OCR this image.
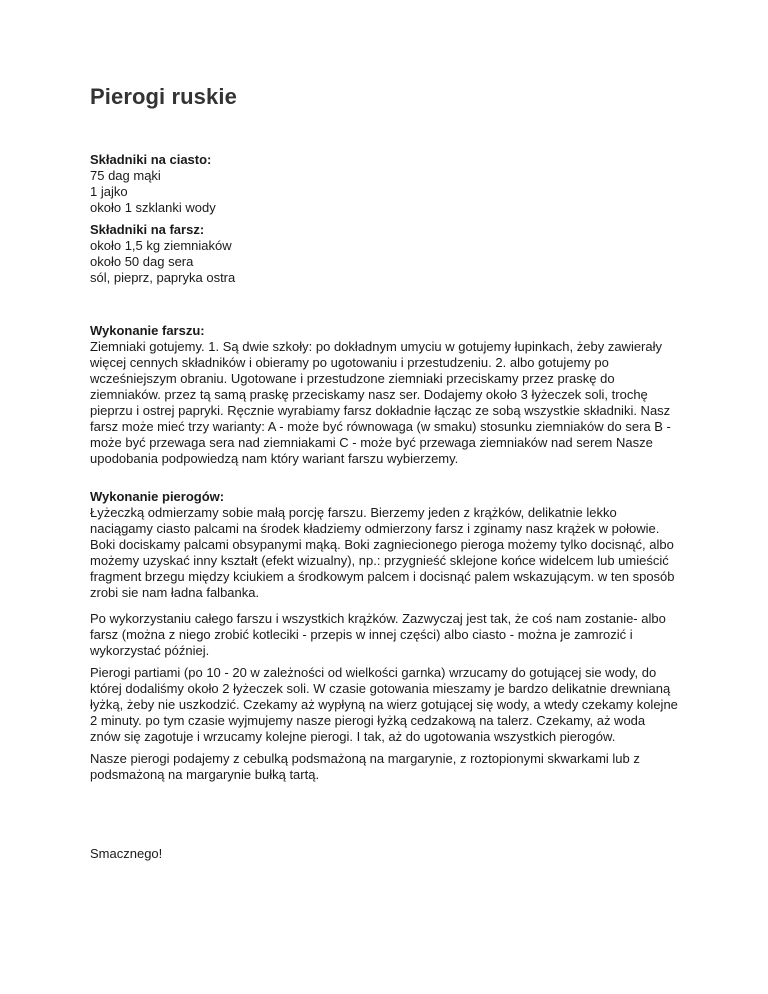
Pierogi ruskie
Składniki na ciasto:
75 dag mąki
1 jajko
około 1 szklanki wody
Składniki na farsz:
około 1,5 kg ziemniaków
około 50 dag sera
sól, pieprz, papryka ostra
Wykonanie farszu:
Ziemniaki gotujemy. 1. Są dwie szkoły: po dokładnym umyciu w gotujemy łupinkach, żeby zawierały
więcej cennych składników i obieramy po ugotowaniu i przestudzeniu. 2. albo gotujemy po
wcześniejszym obraniu. Ugotowane i przestudzone ziemniaki przeciskamy przez praskę do
ziemniaków. przez tą samą praskę przeciskamy nasz ser. Dodajemy około 3 łyżeczek soli, trochę
pieprzu i ostrej papryki. Ręcznie wyrabiamy farsz dokładnie łącząc ze sobą wszystkie składniki. Nasz
farsz może mieć trzy warianty: A - może być równowaga (w smaku) stosunku ziemniaków do sera B -
może być przewaga sera nad ziemniakami C - może być przewaga ziemniaków nad serem Nasze
upodobania podpowiedzą nam który wariant farszu wybierzemy.
Wykonanie pierogów:
Łyżeczką odmierzamy sobie małą porcję farszu. Bierzemy jeden z krążków, delikatnie lekko
naciągamy ciasto palcami na środek kładziemy odmierzony farsz i zginamy nasz krążek w połowie.
Boki dociskamy palcami obsypanymi mąką. Boki zagniecionego pieroga możemy tylko docisnąć, albo
możemy uzyskać inny kształt (efekt wizualny), np.: przygnieść sklejone końce widelcem lub umieścić
fragment brzegu między kciukiem a środkowym palcem i docisnąć palem wskazującym. w ten sposób
zrobi sie nam ładna falbanka.
Po wykorzystaniu całego farszu i wszystkich krążków. Zazwyczaj jest tak, że coś nam zostanie- albo
farsz (można z niego zrobić kotleciki - przepis w innej części) albo ciasto - można je zamrozić i
wykorzystać później.
Pierogi partiami (po 10 - 20 w zależności od wielkości garnka) wrzucamy do gotującej sie wody, do
której dodaliśmy około 2 łyżeczek soli. W czasie gotowania mieszamy je bardzo delikatnie drewnianą
łyżką, żeby nie uszkodzić. Czekamy aż wypłyną na wierz gotującej się wody, a wtedy czekamy kolejne
2 minuty. po tym czasie wyjmujemy nasze pierogi łyżką cedzakową na talerz. Czekamy, aż woda
znów się zagotuje i wrzucamy kolejne pierogi. I tak, aż do ugotowania wszystkich pierogów.
Nasze pierogi podajemy z cebulką podsmażoną na margarynie, z roztopionymi skwarkami lub z
podsmażoną na margarynie bułką tartą.
Smacznego!
